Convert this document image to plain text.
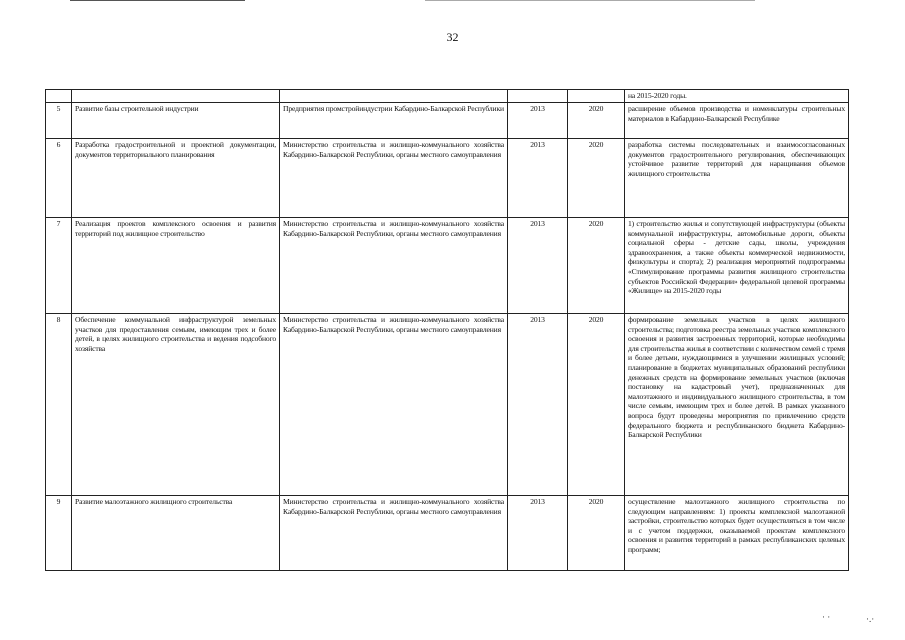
32
					на 2015-2020 годы.
5	Развитие базы строительной индустрии	Предприятия промстройиндустрии Кабардино-Балкарской Республики	2013	2020	расширение объемов производства и номенклатуры строительных материалов в Кабардино-Балкарской Республике
6	Разработка градостроительной и проектной документации, документов территориального планирования	Министерство строительства и жилищно-коммунального хозяйства Кабардино-Балкарской Республики, органы местного самоуправления	2013	2020	разработка системы последовательных и взаимосогласованных документов градостроительного регулирования, обеспечивающих устойчивое развитие территорий для наращивания объемов жилищного строительства
7	Реализация проектов комплексного освоения и развития территорий под жилищное строительство	Министерство строительства и жилищно-коммунального хозяйства Кабардино-Балкарской Республики, органы местного самоуправления	2013	2020	1) строительство жилья и сопутствующей инфраструктуры (объекты коммунальной инфраструктуры, автомобильные дороги, объекты социальной сферы - детские сады, школы, учреждения здравоохранения, а также объекты коммерческой недвижимости, физкультуры и спорта); 2) реализация мероприятий подпрограммы «Стимулирование программы развития жилищного строительства субъектов Российской Федерации» федеральной целевой программы «Жилище» на 2015-2020 годы
8	Обеспечение коммунальной инфраструктурой земельных участков для предоставления семьям, имеющим трех и более детей, в целях жилищного строительства и ведения подсобного хозяйства	Министерство строительства и жилищно-коммунального хозяйства Кабардино-Балкарской Республики, органы местного самоуправления	2013	2020	формирование земельных участков в целях жилищного строительства; подготовка реестра земельных участков комплексного освоения и развития застроенных территорий, которые необходимы для строительства жилья в соответствии с количеством семей с тремя и более детьми, нуждающимися в улучшении жилищных условий; планирование в бюджетах муниципальных образований республики денежных средств на формирование земельных участков (включая постановку на кадастровый учет), предназначенных для малоэтажного и индивидуального жилищного строительства, в том числе семьям, имеющим трех и более детей. В рамках указанного вопроса будут проведены мероприятия по привлечению средств федерального бюджета и республиканского бюджета Кабардино-Балкарской Республики
9	Развитие малоэтажного жилищного строительства	Министерство строительства и жилищно-коммунального хозяйства Кабардино-Балкарской Республики, органы местного самоуправления	2013	2020	осуществление малоэтажного жилищного строительства по следующим направлениям: 1) проекты комплексной малоэтажной застройки, строительство которых будет осуществляться в том числе и с учетом поддержки, оказываемой проектам комплексного освоения и развития территорий в рамках республиканских целевых программ;
· ·	·.·
